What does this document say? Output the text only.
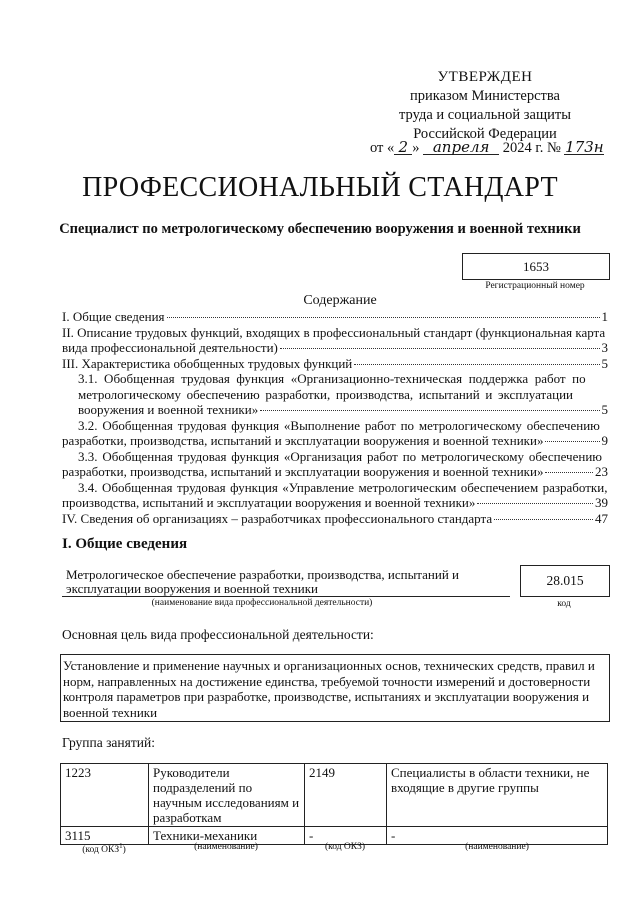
УТВЕРЖДЕН
приказом Министерства
труда и социальной защиты
Российской Федерации
от « 2 » апреля 2024 г. № 173н
ПРОФЕССИОНАЛЬНЫЙ СТАНДАРТ
Специалист по метрологическому обеспечению вооружения и военной техники
1653
Регистрационный номер
Содержание
I. Общие сведения	1
II. Описание трудовых функций, входящих в профессиональный стандарт (функциональная карта
вида профессиональной деятельности)	3
III. Характеристика обобщенных трудовых функций	5
3.1. Обобщенная трудовая функция «Организационно-техническая поддержка работ по
метрологическому обеспечению разработки, производства, испытаний и эксплуатации
вооружения и военной техники»	5
3.2. Обобщенная трудовая функция «Выполнение работ по метрологическому обеспечению
разработки, производства, испытаний и эксплуатации вооружения и военной техники»	9
3.3. Обобщенная трудовая функция «Организация работ по метрологическому обеспечению
разработки, производства, испытаний и эксплуатации вооружения и военной техники»	23
3.4. Обобщенная трудовая функция «Управление метрологическим обеспечением разработки,
производства, испытаний и эксплуатации вооружения и военной техники»	39
IV. Сведения об организациях – разработчиках профессионального стандарта	47
I. Общие сведения
Метрологическое обеспечение разработки, производства, испытаний и
эксплуатации вооружения и военной техники
(наименование вида профессиональной деятельности)
28.015
код
Основная цель вида профессиональной деятельности:
Установление и применение научных и организационных основ, технических средств, правил и норм, направленных на достижение единства, требуемой точности измерений и достоверности контроля параметров при разработке, производстве, испытаниях и эксплуатации вооружения и военной техники
Группа занятий:
1223	Руководители подразделений по научным исследованиям и разработкам	2149	Специалисты в области техники, не входящие в другие группы
3115	Техники-механики	-	-
(код ОКЗ$^1$)	(наименование)	(код ОКЗ)	(наименование)
